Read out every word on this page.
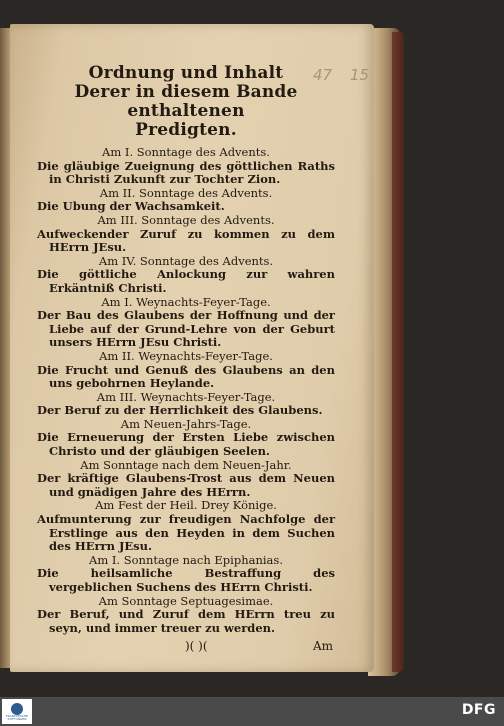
47 15
Ordnung und Inhalt
Derer in diesem Bande enthaltenen
Predigten.
Am I. Sonntage des Advents.
Die gläubige Zueignung des göttlichen Raths in Christi Zukunft zur Tochter Zion.
Am II. Sonntage des Advents.
Die Ubung der Wachsamkeit.
Am III. Sonntage des Advents.
Aufweckender Zuruf zu kommen zu dem HErrn JEsu.
Am IV. Sonntage des Advents.
Die göttliche Anlockung zur wahren Erkäntniß Christi.
Am I. Weynachts-Feyer-Tage.
Der Bau des Glaubens der Hoffnung und der Liebe auf der Grund-Lehre von der Geburt unsers HErrn JEsu Christi.
Am II. Weynachts-Feyer-Tage.
Die Frucht und Genuß des Glaubens an den uns gebohrnen Heylande.
Am III. Weynachts-Feyer-Tage.
Der Beruf zu der Herrlichkeit des Glaubens.
Am Neuen-Jahrs-Tage.
Die Erneuerung der Ersten Liebe zwischen Christo und der gläubigen Seelen.
Am Sonntage nach dem Neuen-Jahr.
Der kräftige Glaubens-Trost aus dem Neuen und gnädigen Jahre des HErrn.
Am Fest der Heil. Drey Könige.
Aufmunterung zur freudigen Nachfolge der Erstlinge aus den Heyden in dem Suchen des HErrn JEsu.
Am I. Sonntage nach Epiphanias.
Die heilsamliche Bestraffung des vergeblichen Suchens des HErrn Christi.
Am Sonntage Septuagesimae.
Der Beruf, und Zuruf dem HErrn treu zu seyn, und immer treuer zu werden.
)( )(	Am
FRANCKESCHE STIFTUNGEN
DFG
